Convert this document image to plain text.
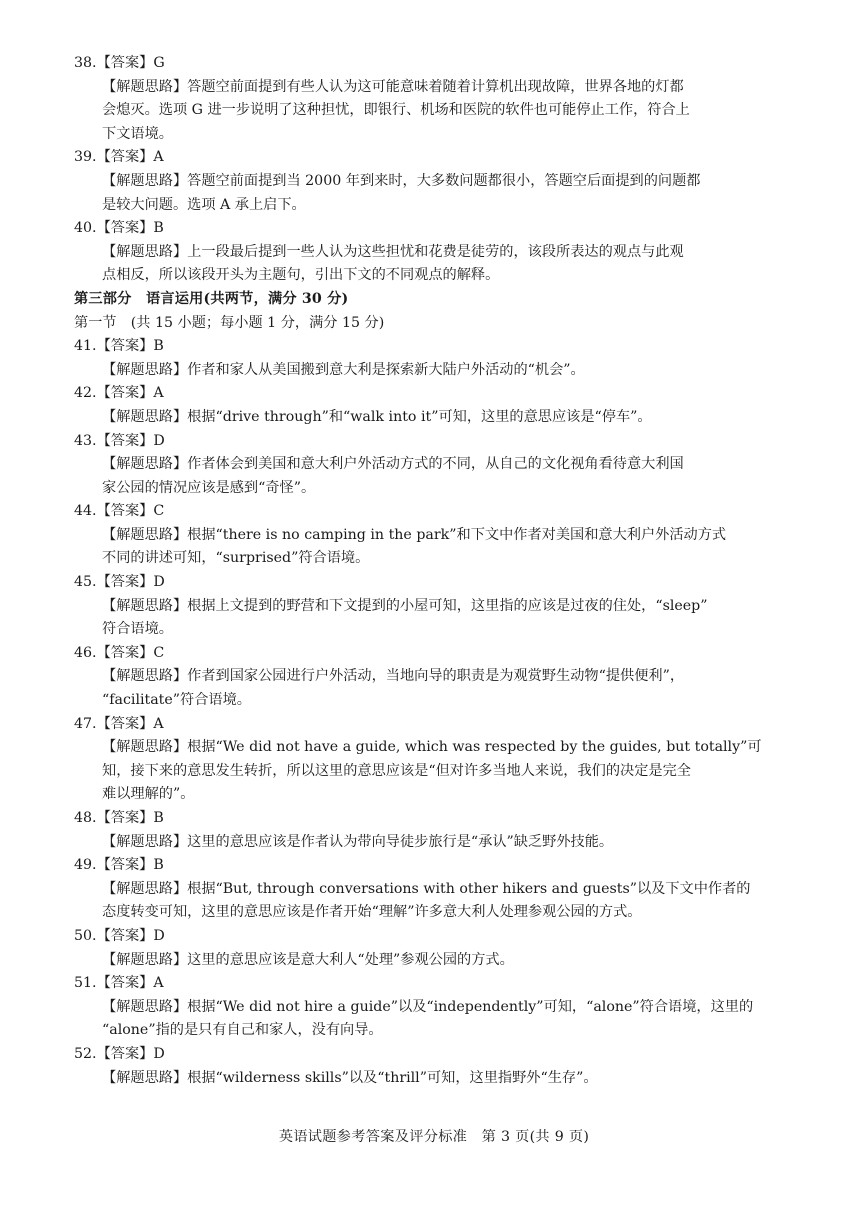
38.【答案】G
【解题思路】答题空前面提到有些人认为这可能意味着随着计算机出现故障，世界各地的灯都
会熄灭。选项 G 进一步说明了这种担忧，即银行、机场和医院的软件也可能停止工作，符合上
下文语境。
39.【答案】A
【解题思路】答题空前面提到当 2000 年到来时，大多数问题都很小，答题空后面提到的问题都
是较大问题。选项 A 承上启下。
40.【答案】B
【解题思路】上一段最后提到一些人认为这些担忧和花费是徒劳的，该段所表达的观点与此观
点相反，所以该段开头为主题句，引出下文的不同观点的解释。
第三部分　语言运用(共两节，满分 30 分)
第一节　(共 15 小题；每小题 1 分，满分 15 分)
41.【答案】B
【解题思路】作者和家人从美国搬到意大利是探索新大陆户外活动的“机会”。
42.【答案】A
【解题思路】根据“drive through”和“walk into it”可知，这里的意思应该是“停车”。
43.【答案】D
【解题思路】作者体会到美国和意大利户外活动方式的不同，从自己的文化视角看待意大利国
家公园的情况应该是感到“奇怪”。
44.【答案】C
【解题思路】根据“there is no camping in the park”和下文中作者对美国和意大利户外活动方式
不同的讲述可知，“surprised”符合语境。
45.【答案】D
【解题思路】根据上文提到的野营和下文提到的小屋可知，这里指的应该是过夜的住处，“sleep”
符合语境。
46.【答案】C
【解题思路】作者到国家公园进行户外活动，当地向导的职责是为观赏野生动物“提供便利”，
“facilitate”符合语境。
47.【答案】A
【解题思路】根据“We did not have a guide, which was respected by the guides, but totally”可
知，接下来的意思发生转折，所以这里的意思应该是“但对许多当地人来说，我们的决定是完全
难以理解的”。
48.【答案】B
【解题思路】这里的意思应该是作者认为带向导徒步旅行是“承认”缺乏野外技能。
49.【答案】B
【解题思路】根据“But, through conversations with other hikers and guests”以及下文中作者的
态度转变可知，这里的意思应该是作者开始“理解”许多意大利人处理参观公园的方式。
50.【答案】D
【解题思路】这里的意思应该是意大利人“处理”参观公园的方式。
51.【答案】A
【解题思路】根据“We did not hire a guide”以及“independently”可知，“alone”符合语境，这里的
“alone”指的是只有自己和家人，没有向导。
52.【答案】D
【解题思路】根据“wilderness skills”以及“thrill”可知，这里指野外“生存”。
英语试题参考答案及评分标准　第 3 页(共 9 页)
